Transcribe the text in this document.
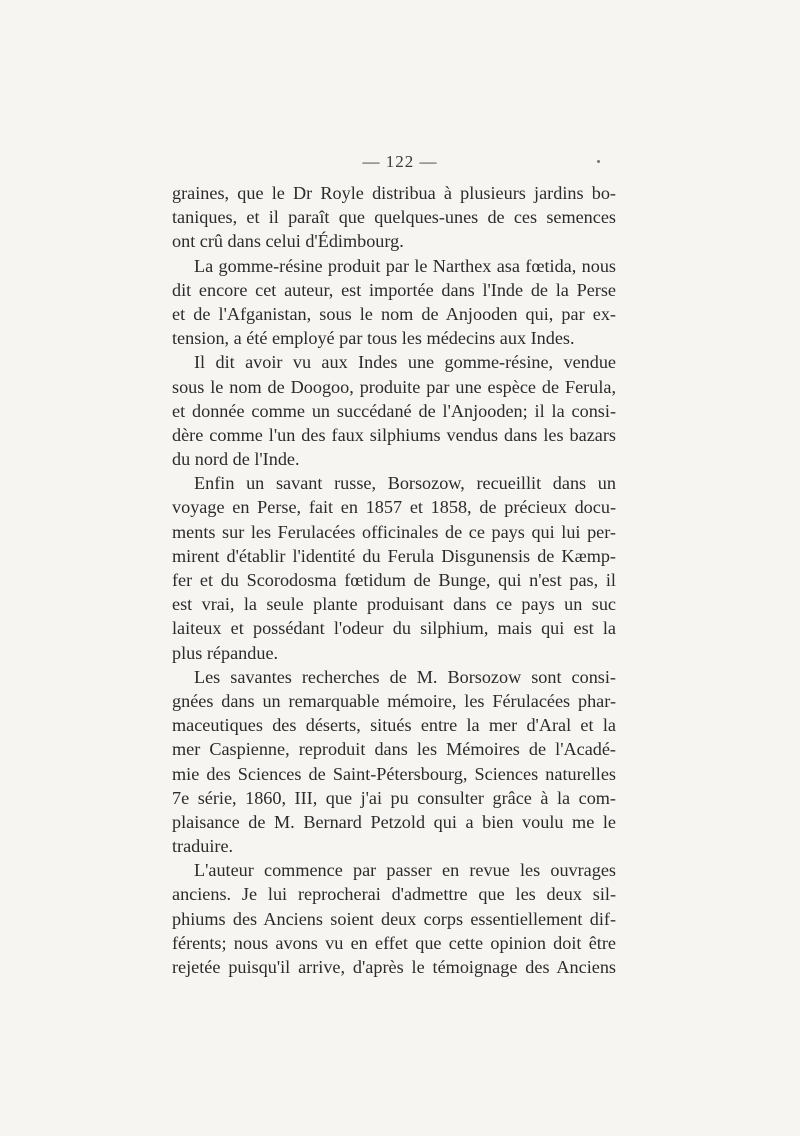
— 122 —
graines, que le Dr Royle distribua à plusieurs jardins bo-
taniques, et il paraît que quelques-unes de ces semences
ont crû dans celui d'Édimbourg.
La gomme-résine produit par le Narthex asa fœtida, nous
dit encore cet auteur, est importée dans l'Inde de la Perse
et de l'Afganistan, sous le nom de Anjooden qui, par ex-
tension, a été employé par tous les médecins aux Indes.
Il dit avoir vu aux Indes une gomme-résine, vendue
sous le nom de Doogoo, produite par une espèce de Ferula,
et donnée comme un succédané de l'Anjooden; il la consi-
dère comme l'un des faux silphiums vendus dans les bazars
du nord de l'Inde.
Enfin un savant russe, Borsozow, recueillit dans un
voyage en Perse, fait en 1857 et 1858, de précieux docu-
ments sur les Ferulacées officinales de ce pays qui lui per-
mirent d'établir l'identité du Ferula Disgunensis de Kæmp-
fer et du Scorodosma fœtidum de Bunge, qui n'est pas, il
est vrai, la seule plante produisant dans ce pays un suc
laiteux et possédant l'odeur du silphium, mais qui est la
plus répandue.
Les savantes recherches de M. Borsozow sont consi-
gnées dans un remarquable mémoire, les Férulacées phar-
maceutiques des déserts, situés entre la mer d'Aral et la
mer Caspienne, reproduit dans les Mémoires de l'Acadé-
mie des Sciences de Saint-Pétersbourg, Sciences naturelles
7e série, 1860, III, que j'ai pu consulter grâce à la com-
plaisance de M. Bernard Petzold qui a bien voulu me le
traduire.
L'auteur commence par passer en revue les ouvrages
anciens. Je lui reprocherai d'admettre que les deux sil-
phiums des Anciens soient deux corps essentiellement dif-
férents; nous avons vu en effet que cette opinion doit être
rejetée puisqu'il arrive, d'après le témoignage des Anciens
